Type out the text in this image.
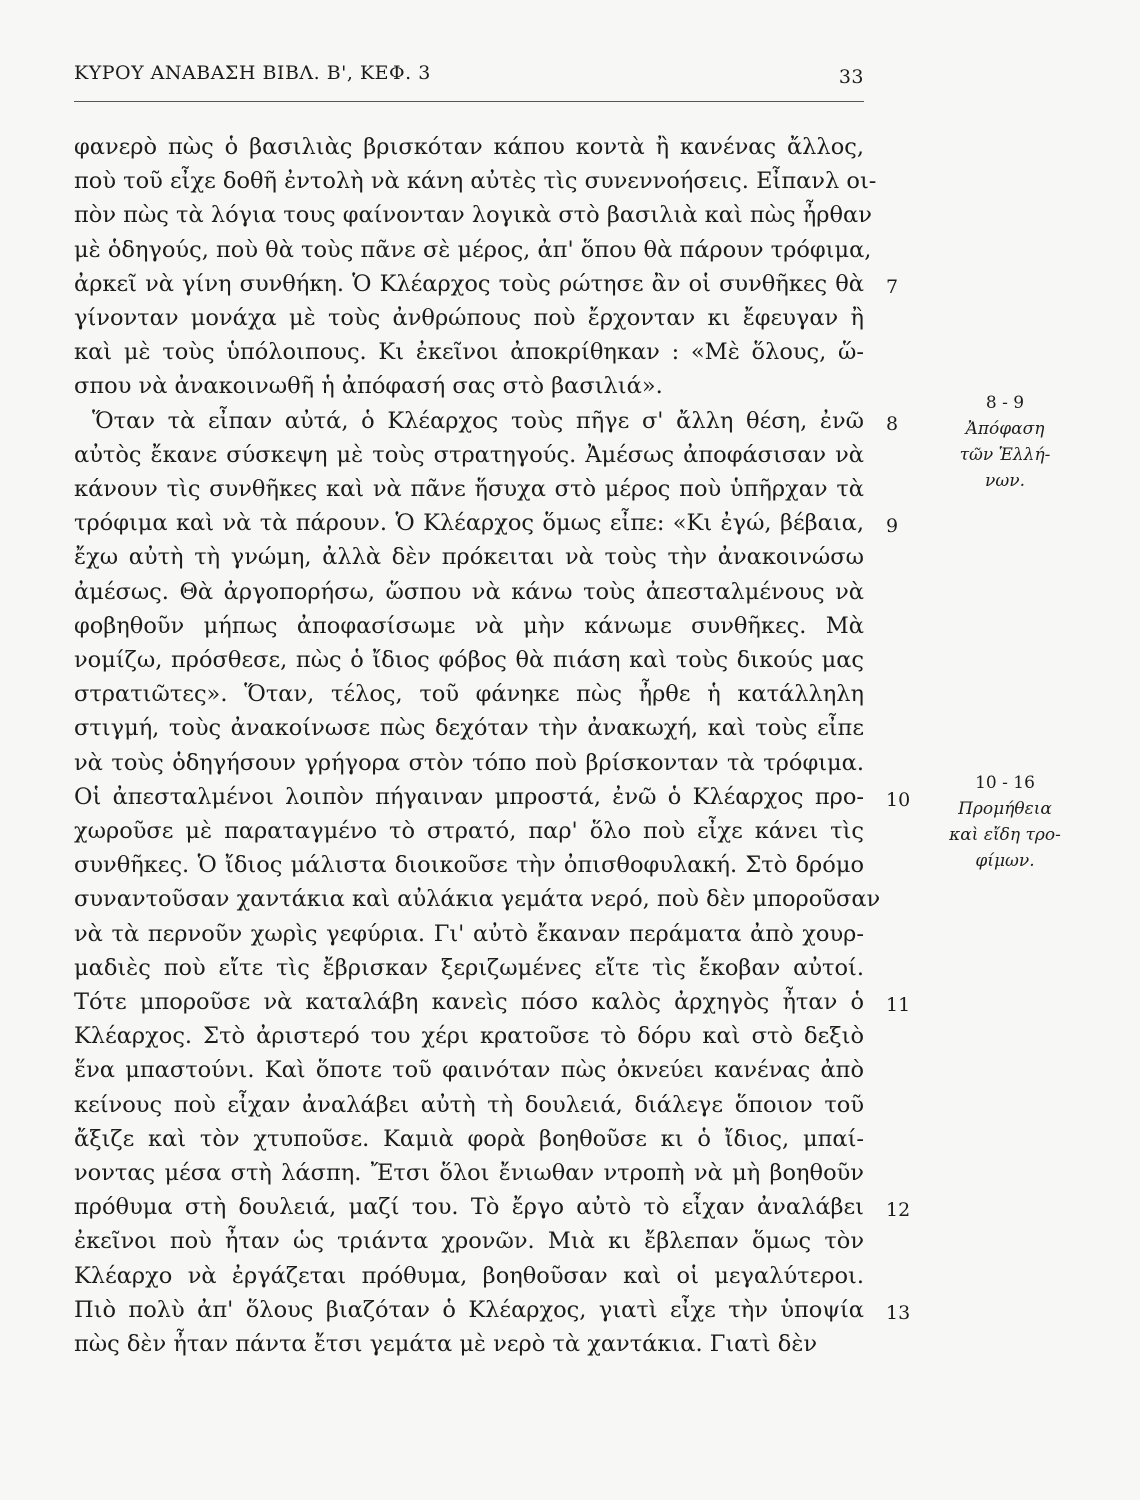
ΚΥΡΟΥ ΑΝΑΒΑΣΗ ΒΙΒΛ. Β', ΚΕΦ. 3	33
φανερὸ πὼς ὁ βασιλιὰς βρισκόταν κάπου κοντὰ ἢ κανένας ἄλλος,
ποὺ τοῦ εἶχε δοθῆ ἐντολὴ νὰ κάνη αὐτὲς τὶς συνεννοήσεις. Εἶπανλ οι-
πὸν πὼς τὰ λόγια τους φαίνονταν λογικὰ στὸ βασιλιὰ καὶ πὼς ἦρθαν
μὲ ὁδηγούς, ποὺ θὰ τοὺς πᾶνε σὲ μέρος, ἀπ' ὅπου θὰ πάρουν τρόφιμα,
ἀρκεῖ νὰ γίνη συνθήκη. Ὁ Κλέαρχος τοὺς ρώτησε ἂν οἱ συνθῆκες θὰ
γίνονταν μονάχα μὲ τοὺς ἀνθρώπους ποὺ ἔρχονταν κι ἔφευγαν ἢ
καὶ μὲ τοὺς ὑπόλοιπους. Κι ἐκεῖνοι ἀποκρίθηκαν : «Μὲ ὅλους, ὥ-
σπου νὰ ἀνακοινωθῆ ἡ ἀπόφασή σας στὸ βασιλιά».
Ὅταν τὰ εἶπαν αὐτά, ὁ Κλέαρχος τοὺς πῆγε σ' ἄλλη θέση, ἐνῶ
αὐτὸς ἔκανε σύσκεψη μὲ τοὺς στρατηγούς. Ἀμέσως ἀποφάσισαν νὰ
κάνουν τὶς συνθῆκες καὶ νὰ πᾶνε ἥσυχα στὸ μέρος ποὺ ὑπῆρχαν τὰ
τρόφιμα καὶ νὰ τὰ πάρουν. Ὁ Κλέαρχος ὅμως εἶπε: «Κι ἐγώ, βέβαια,
ἔχω αὐτὴ τὴ γνώμη, ἀλλὰ δὲν πρόκειται νὰ τοὺς τὴν ἀνακοινώσω
ἀμέσως. Θὰ ἀργοπορήσω, ὥσπου νὰ κάνω τοὺς ἀπεσταλμένους νὰ
φοβηθοῦν μήπως ἀποφασίσωμε νὰ μὴν κάνωμε συνθῆκες. Μὰ
νομίζω, πρόσθεσε, πὼς ὁ ἴδιος φόβος θὰ πιάση καὶ τοὺς δικούς μας
στρατιῶτες». Ὅταν, τέλος, τοῦ φάνηκε πὼς ἦρθε ἡ κατάλληλη
στιγμή, τοὺς ἀνακοίνωσε πὼς δεχόταν τὴν ἀνακωχή, καὶ τοὺς εἶπε
νὰ τοὺς ὁδηγήσουν γρήγορα στὸν τόπο ποὺ βρίσκονταν τὰ τρόφιμα.
Οἱ ἀπεσταλμένοι λοιπὸν πήγαιναν μπροστά, ἐνῶ ὁ Κλέαρχος προ-
χωροῦσε μὲ παραταγμένο τὸ στρατό, παρ' ὅλο ποὺ εἶχε κάνει τὶς
συνθῆκες. Ὁ ἴδιος μάλιστα διοικοῦσε τὴν ὀπισθοφυλακή. Στὸ δρόμο
συναντοῦσαν χαντάκια καὶ αὐλάκια γεμάτα νερό, ποὺ δὲν μποροῦσαν
νὰ τὰ περνοῦν χωρὶς γεφύρια. Γι' αὐτὸ ἔκαναν περάματα ἀπὸ χουρ-
μαδιὲς ποὺ εἴτε τὶς ἔβρισκαν ξεριζωμένες εἴτε τὶς ἔκοβαν αὐτοί.
Τότε μποροῦσε νὰ καταλάβη κανεὶς πόσο καλὸς ἀρχηγὸς ἦταν ὁ
Κλέαρχος. Στὸ ἀριστερό του χέρι κρατοῦσε τὸ δόρυ καὶ στὸ δεξιὸ
ἕνα μπαστούνι. Καὶ ὅποτε τοῦ φαινόταν πὼς ὀκνεύει κανένας ἀπὸ
κείνους ποὺ εἶχαν ἀναλάβει αὐτὴ τὴ δουλειά, διάλεγε ὅποιον τοῦ
ἄξιζε καὶ τὸν χτυποῦσε. Καμιὰ φορὰ βοηθοῦσε κι ὁ ἴδιος, μπαί-
νοντας μέσα στὴ λάσπη. Ἔτσι ὅλοι ἔνιωθαν ντροπὴ νὰ μὴ βοηθοῦν
πρόθυμα στὴ δουλειά, μαζί του. Τὸ ἔργο αὐτὸ τὸ εἶχαν ἀναλάβει
ἐκεῖνοι ποὺ ἦταν ὡς τριάντα χρονῶν. Μιὰ κι ἔβλεπαν ὅμως τὸν
Κλέαρχο νὰ ἐργάζεται πρόθυμα, βοηθοῦσαν καὶ οἱ μεγαλύτεροι.
Πιὸ πολὺ ἀπ' ὅλους βιαζόταν ὁ Κλέαρχος, γιατὶ εἶχε τὴν ὑποψία
πὼς δὲν ἦταν πάντα ἔτσι γεμάτα μὲ νερὸ τὰ χαντάκια. Γιατὶ δὲν
7
8
9
10
11
12
13
8 - 9
Ἀπόφαση
τῶν Ἑλλή-
νων.
10 - 16
Προμήθεια
καὶ εἴδη τρο-
φίμων.
